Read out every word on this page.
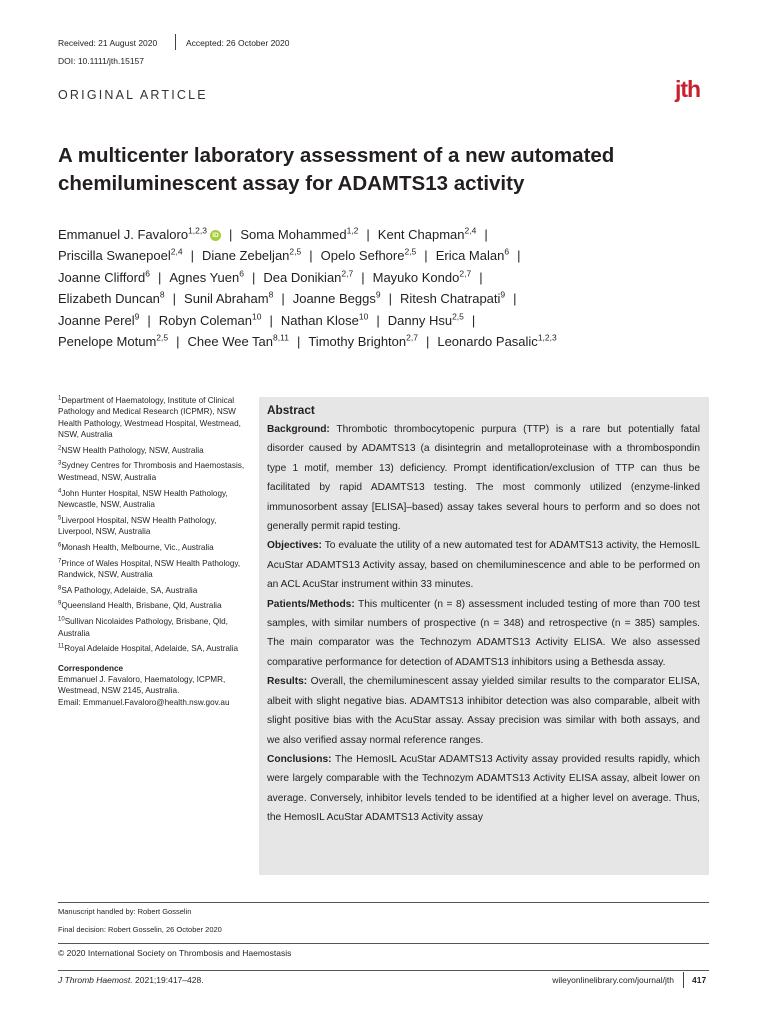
Received: 21 August 2020	Accepted: 26 October 2020
DOI: 10.1111/jth.15157
ORIGINAL ARTICLE	jth
A multicenter laboratory assessment of a new automated chemiluminescent assay for ADAMTS13 activity
Emmanuel J. Favaloro$^{1,2,3}$ iD | Soma Mohammed$^{1,2}$ | Kent Chapman$^{2,4}$ |
Priscilla Swanepoel$^{2,4}$ | Diane Zebeljan$^{2,5}$ | Opelo Sefhore$^{2,5}$ | Erica Malan$^6$ |
Joanne Clifford$^6$ | Agnes Yuen$^6$ | Dea Donikian$^{2,7}$ | Mayuko Kondo$^{2,7}$ |
Elizabeth Duncan$^8$ | Sunil Abraham$^8$ | Joanne Beggs$^9$ | Ritesh Chatrapati$^9$ |
Joanne Perel$^9$ | Robyn Coleman$^{10}$ | Nathan Klose$^{10}$ | Danny Hsu$^{2,5}$ |
Penelope Motum$^{2,5}$ | Chee Wee Tan$^{8,11}$ | Timothy Brighton$^{2,7}$ | Leonardo Pasalic$^{1,2,3}$
$^1$Department of Haematology, Institute of Clinical Pathology and Medical Research (ICPMR), NSW Health Pathology, Westmead Hospital, Westmead, NSW, Australia
$^2$NSW Health Pathology, NSW, Australia
$^3$Sydney Centres for Thrombosis and Haemostasis, Westmead, NSW, Australia
$^4$John Hunter Hospital, NSW Health Pathology, Newcastle, NSW, Australia
$^5$Liverpool Hospital, NSW Health Pathology, Liverpool, NSW, Australia
$^6$Monash Health, Melbourne, Vic., Australia
$^7$Prince of Wales Hospital, NSW Health Pathology, Randwick, NSW, Australia
$^8$SA Pathology, Adelaide, SA, Australia
$^9$Queensland Health, Brisbane, Qld, Australia
$^{10}$Sullivan Nicolaides Pathology, Brisbane, Qld, Australia
$^{11}$Royal Adelaide Hospital, Adelaide, SA, Australia
Correspondence
Emmanuel J. Favaloro, Haematology, ICPMR, Westmead, NSW 2145, Australia.
Email: Emmanuel.Favaloro@health.nsw.gov.au
Abstract
Background: Thrombotic thrombocytopenic purpura (TTP) is a rare but potentially fatal disorder caused by ADAMTS13 (a disintegrin and metalloproteinase with a thrombospondin type 1 motif, member 13) deficiency. Prompt identification/exclusion of TTP can thus be facilitated by rapid ADAMTS13 testing. The most commonly utilized (enzyme-linked immunosorbent assay [ELISA]–based) assay takes several hours to perform and so does not generally permit rapid testing.
Objectives: To evaluate the utility of a new automated test for ADAMTS13 activity, the HemosIL AcuStar ADAMTS13 Activity assay, based on chemiluminescence and able to be performed on an ACL AcuStar instrument within 33 minutes.
Patients/Methods: This multicenter (n = 8) assessment included testing of more than 700 test samples, with similar numbers of prospective (n = 348) and retrospective (n = 385) samples. The main comparator was the Technozym ADAMTS13 Activity ELISA. We also assessed comparative performance for detection of ADAMTS13 inhibitors using a Bethesda assay.
Results: Overall, the chemiluminescent assay yielded similar results to the comparator ELISA, albeit with slight negative bias. ADAMTS13 inhibitor detection was also comparable, albeit with slight positive bias with the AcuStar assay. Assay precision was similar with both assays, and we also verified assay normal reference ranges.
Conclusions: The HemosIL AcuStar ADAMTS13 Activity assay provided results rapidly, which were largely comparable with the Technozym ADAMTS13 Activity ELISA assay, albeit lower on average. Conversely, inhibitor levels tended to be identified at a higher level on average. Thus, the HemosIL AcuStar ADAMTS13 Activity assay
Manuscript handled by: Robert Gosselin
Final decision: Robert Gosselin, 26 October 2020
© 2020 International Society on Thrombosis and Haemostasis
J Thromb Haemost. 2021;19:417–428.	wileyonlinelibrary.com/journal/jth 417
